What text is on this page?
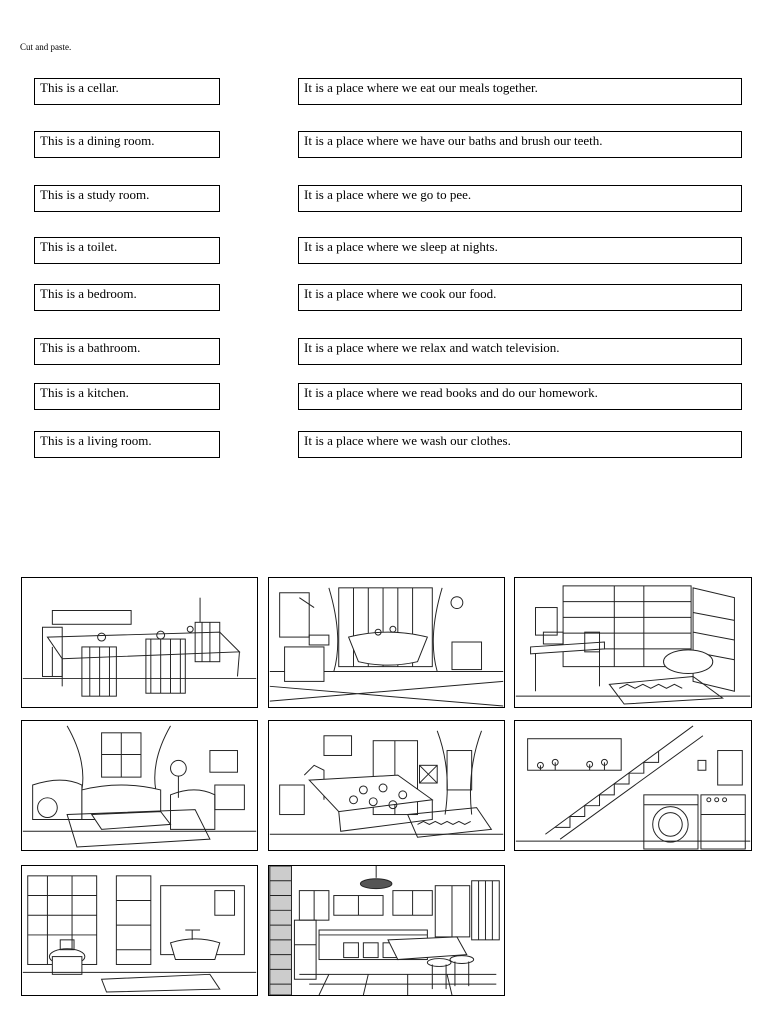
Cut and paste.
This is a cellar.
This is a dining room.
This is a study room.
This is a toilet.
This is a bedroom.
This is a bathroom.
This is a kitchen.
This is a living room.
It is a place where we eat our meals together.
It is a place where we have our baths and brush our teeth.
It is a place where we go to pee.
It is a place where we sleep at nights.
It is a place where we cook our food.
It is a place where we relax and watch television.
It is a place where we read books and do our homework.
It is a place where we wash our clothes.
